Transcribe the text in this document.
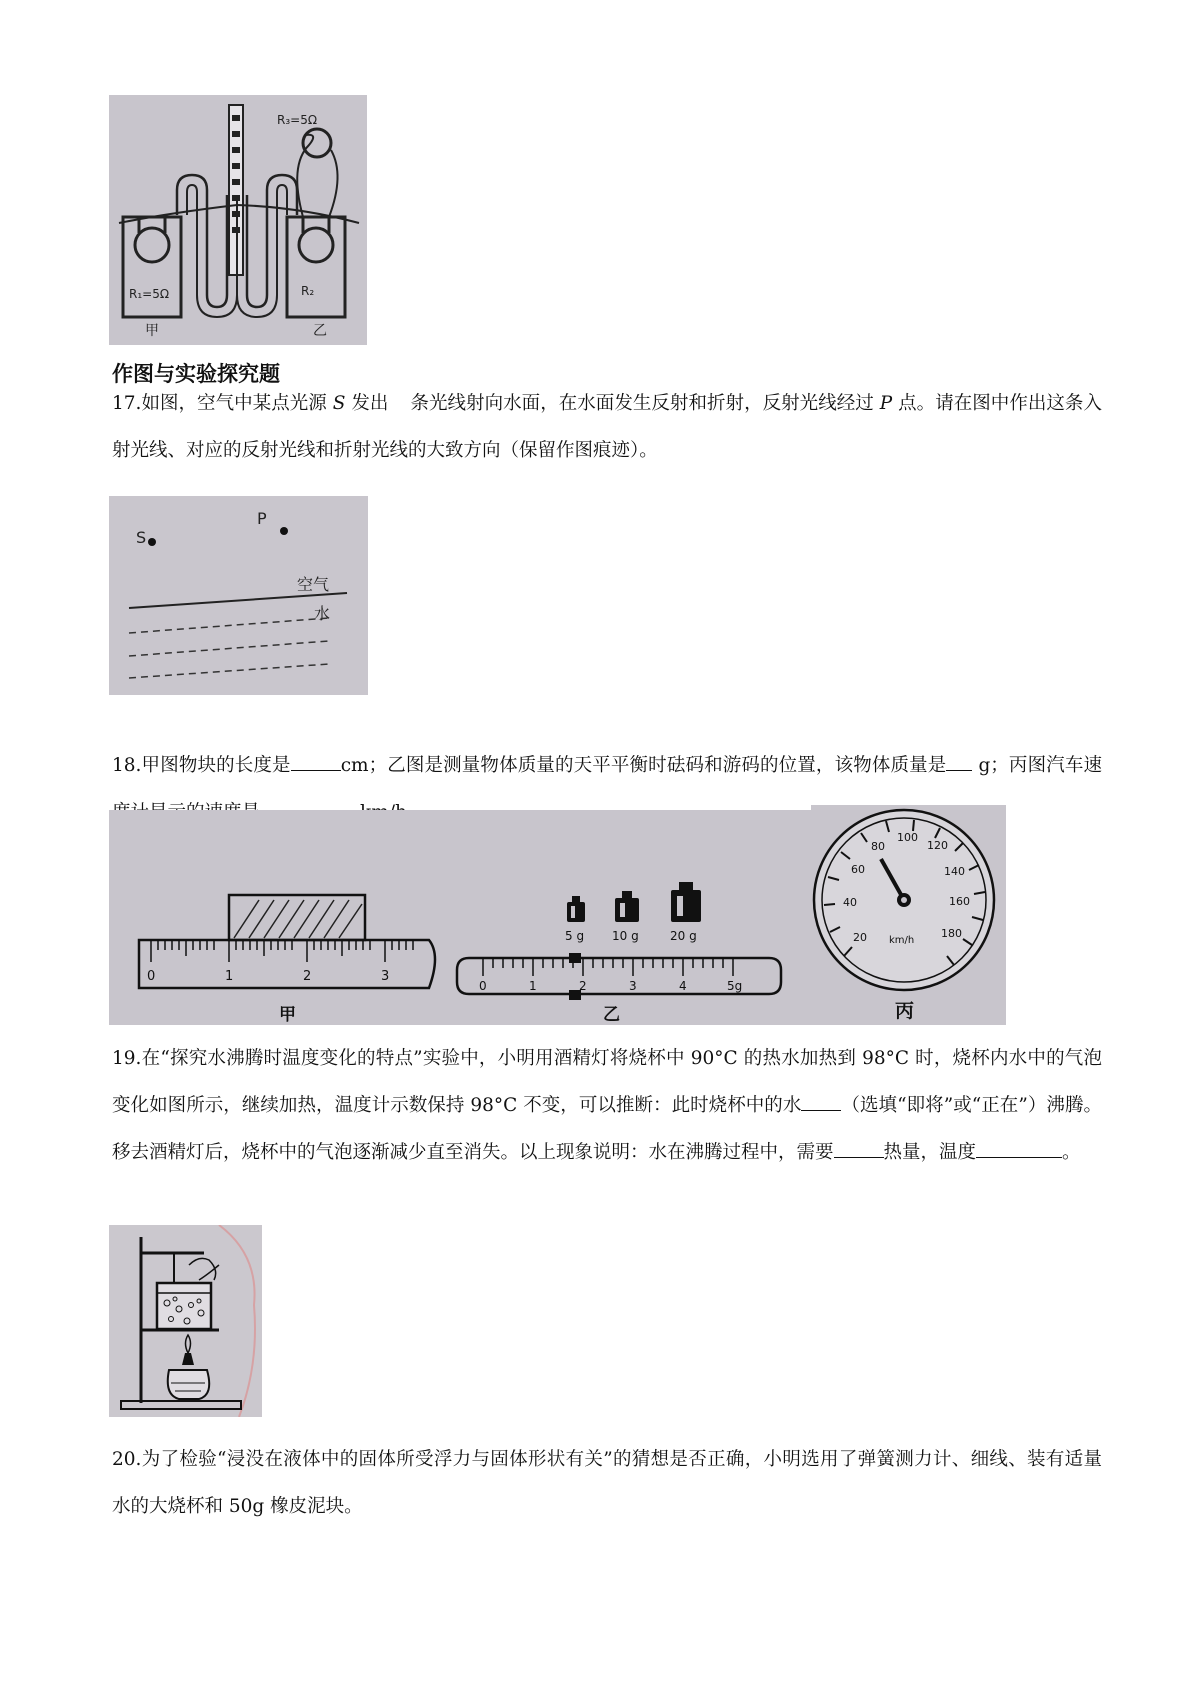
R₃=5Ω
R₁=5Ω	R₂
甲	乙
作图与实验探究题
17.如图，空气中某点光源 S 发出 条光线射向水面，在水面发生反射和折射，反射光线经过 P 点。请在图中作出这条入射光线、对应的反射光线和折射光线的大致方向（保留作图痕迹）。
S
P
空气
水
18.甲图物块的长度是	cm；乙图是测量物体质量的天平平衡时砝码和游码的位置，该物体质量是 g；丙图汽车速
0	1	2	3
甲
5 g 10 g	20 g
0	1	2	3	4	5g
乙
20
40
60
80
100
120
140
160
180
km/h
丙
19.在“探究水沸腾时温度变化的特点”实验中，小明用酒精灯将烧杯中 90°C 的热水加热到 98°C 时，烧杯内水中的气泡变化如图所示，继续加热，温度计示数保持 98°C 不变，可以推断：此时烧杯中的水 （选填“即将”或“正在”）沸腾。移去酒精灯后，烧杯中的气泡逐渐减少直至消失。以上现象说明：水在沸腾过程中，需要	热量，温度	。
20.为了检验“浸没在液体中的固体所受浮力与固体形状有关”的猜想是否正确，小明选用了弹簧测力计、细线、装有适量水的大烧杯和 50g 橡皮泥块。
